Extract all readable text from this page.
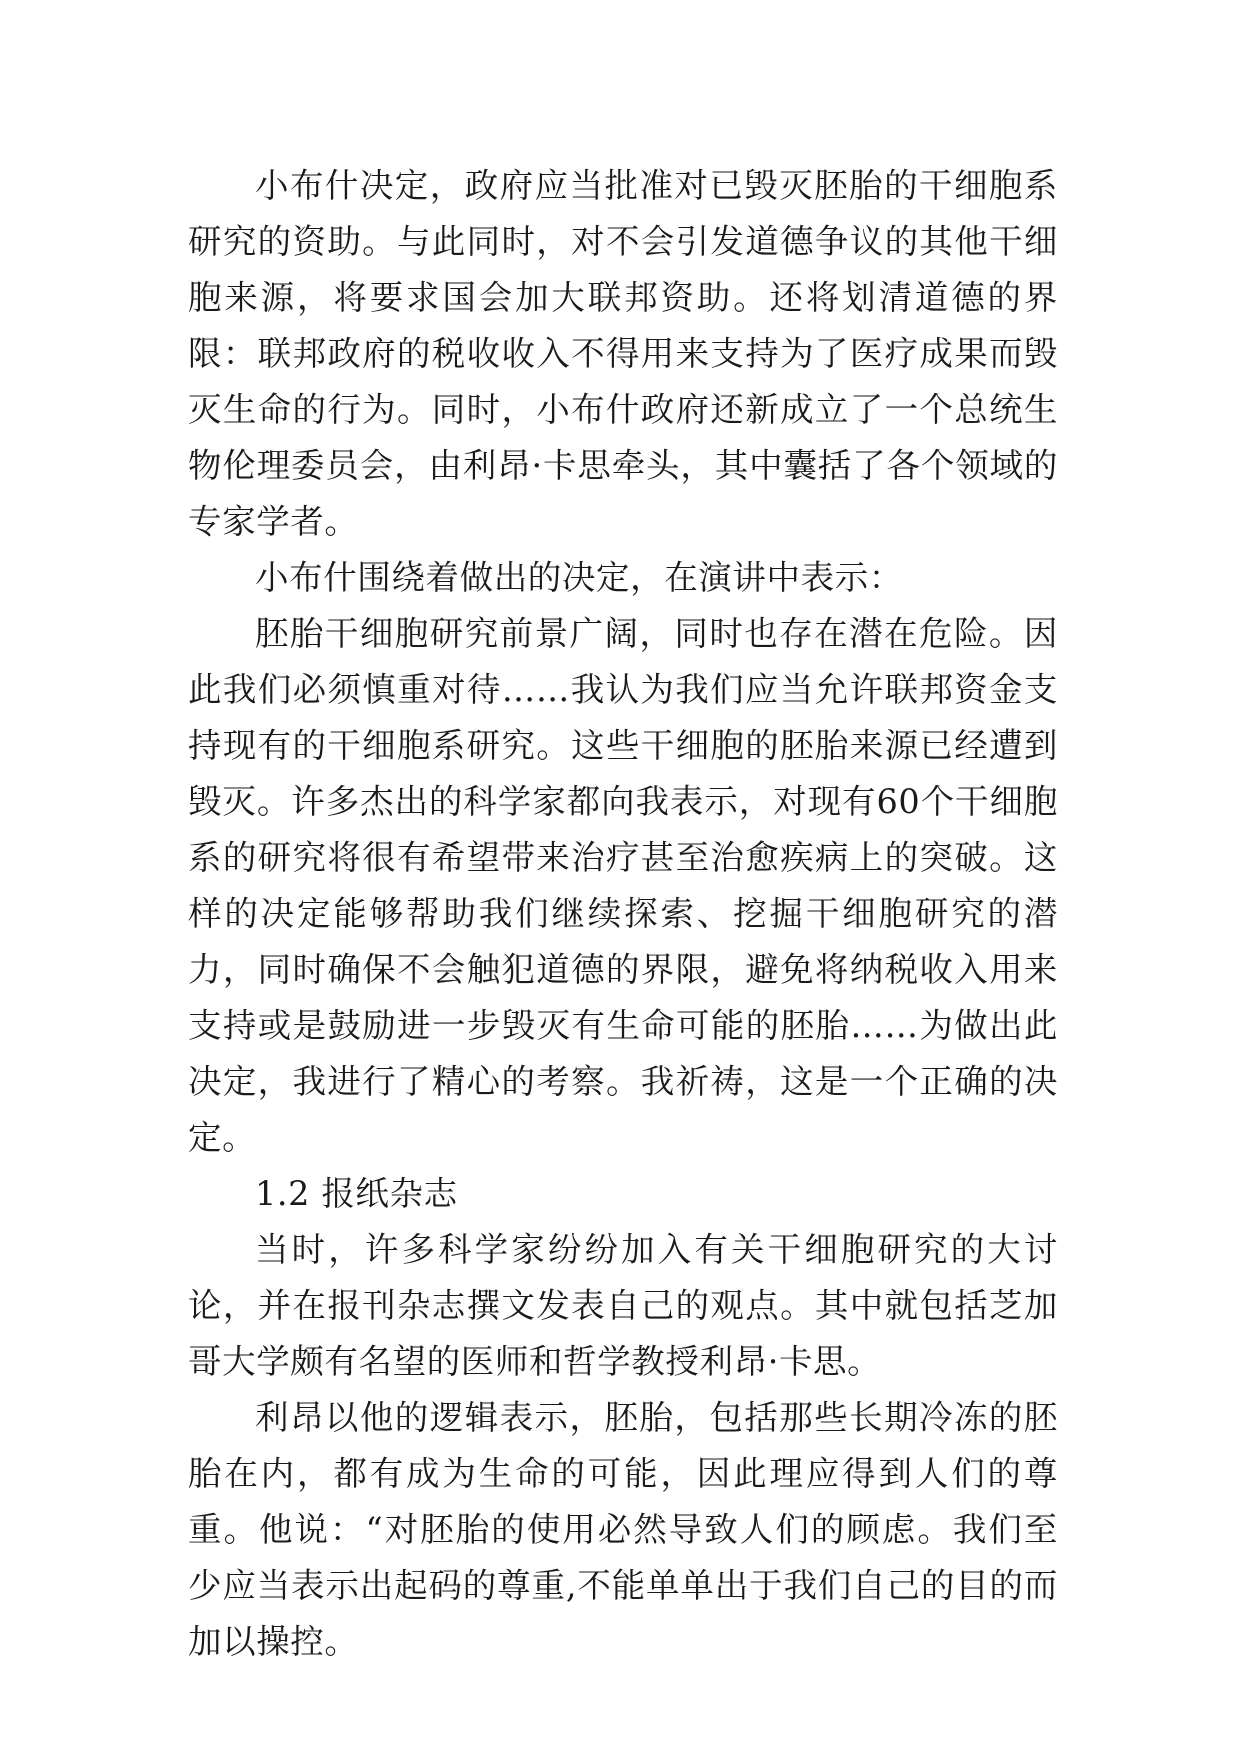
小布什决定，政府应当批准对已毁灭胚胎的干细胞系研究的资助。与此同时，对不会引发道德争议的其他干细胞来源，将要求国会加大联邦资助。还将划清道德的界限：联邦政府的税收收入不得用来支持为了医疗成果而毁灭生命的行为。同时，小布什政府还新成立了一个总统生物伦理委员会，由利昂·卡思牵头，其中囊括了各个领域的专家学者。

小布什围绕着做出的决定，在演讲中表示：

胚胎干细胞研究前景广阔，同时也存在潜在危险。因此我们必须慎重对待……我认为我们应当允许联邦资金支持现有的干细胞系研究。这些干细胞的胚胎来源已经遭到毁灭。许多杰出的科学家都向我表示，对现有60个干细胞系的研究将很有希望带来治疗甚至治愈疾病上的突破。这样的决定能够帮助我们继续探索、挖掘干细胞研究的潜力，同时确保不会触犯道德的界限，避免将纳税收入用来支持或是鼓励进一步毁灭有生命可能的胚胎……为做出此决定，我进行了精心的考察。我祈祷，这是一个正确的决定。

1.2 报纸杂志

当时，许多科学家纷纷加入有关干细胞研究的大讨论，并在报刊杂志撰文发表自己的观点。其中就包括芝加哥大学颇有名望的医师和哲学教授利昂·卡思。

利昂以他的逻辑表示，胚胎，包括那些长期冷冻的胚胎在内，都有成为生命的可能，因此理应得到人们的尊重。他说：“对胚胎的使用必然导致人们的顾虑。我们至少应当表示出起码的尊重,不能单单出于我们自己的目的而加以操控。
